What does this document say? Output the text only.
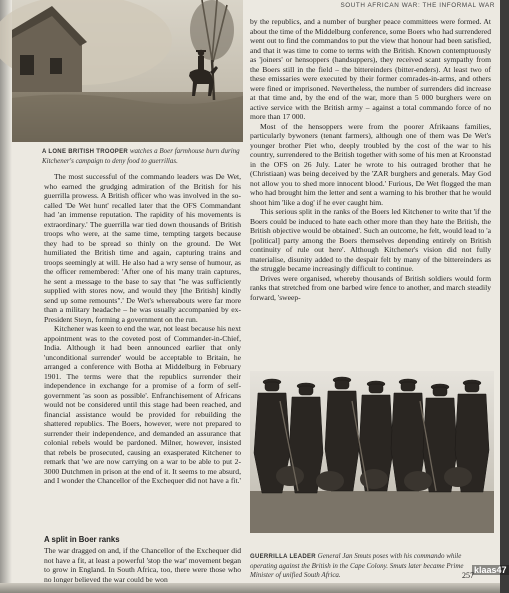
SOUTH AFRICAN WAR: THE INFORMAL WAR
A LONE BRITISH TROOPER watches a Boer farmhouse burn during Kitchener's campaign to deny food to guerrillas.

The most successful of the commando leaders was De Wet, who earned the grudging admiration of the British for his guerrilla prowess. A British officer who was involved in the so-called 'De Wet hunt' recalled later that the OFS Commandant had 'an immense reputation. The rapidity of his movements is extraordinary.' The guerrilla war tied down thousands of British troops who were, at the same time, tempting targets because they had to be spread so thinly on the ground. De Wet humiliated the British time and again, capturing trains and troops seemingly at will. He also had a wry sense of humour, as the officer remembered: 'After one of his many train captures, he sent a message to the base to say that "he was sufficiently supplied with stores now, and would they [the British] kindly send up some remounts".' De Wet's whereabouts were far more than a military headache – he was usually accompanied by ex-President Steyn, forming a government on the run.

Kitchener was keen to end the war, not least because his next appointment was to the coveted post of Commander-in-Chief, India. Although it had been announced earlier that only 'unconditional surrender' would be acceptable to Britain, he arranged a conference with Botha at Middelburg in February 1901. The terms were that the republics surrender their independence in exchange for a promise of a form of self-government 'as soon as possible'. Enfranchisement of Africans would not be considered until this stage had been reached, and financial assistance would be provided for rebuilding the shattered republics. The Boers, however, were not prepared to surrender their independence, and demanded an assurance that colonial rebels would be pardoned. Milner, however, insisted that rebels be prosecuted, causing an exasperated Kitchener to remark that 'we are now carrying on a war to be able to put 2-3000 Dutchmen in prison at the end of it. It seems to me absurd, and I wonder the Chancellor of the Exchequer did not have a fit.'

A split in Boer ranks

The war dragged on and, if the Chancellor of the Exchequer did not have a fit, at least a powerful 'stop the war' movement began to grow in England. In South Africa, too, there were those who no longer believed the war could be won

by the republics, and a number of burgher peace committees were formed. At about the time of the Middelburg conference, some Boers who had surrendered went out to find the commandos to put the view that honour had been satisfied, and that it was time to come to terms with the British. Known contemptuously as 'joiners' or hensoppers (handsuppers), they received scant sympathy from the Boers still in the field – the bittereinders (bitter-enders). At least two of these emissaries were executed by their former comrades-in-arms, and others were fined or imprisoned. Nevertheless, the number of surrenders did increase at that time and, by the end of the war, more than 5 000 burghers were on active service with the British army – against a total commando force of no more than 17 000.

Most of the hensoppers were from the poorer Afrikaans families, particularly bywoners (tenant farmers), although one of them was De Wet's younger brother Piet who, deeply troubled by the cost of the war to his country, surrendered to the British together with some of his men at Kroonstad in the OFS on 26 July. Later he wrote to his outraged brother that he (Christiaan) was being deceived by the 'ZAR burghers and generals. May God not allow you to shed more innocent blood.' Furious, De Wet flogged the man who had brought him the letter and sent a warning to his brother that he would shoot him 'like a dog' if he ever caught him.

This serious split in the ranks of the Boers led Kitchener to write that 'if the Boers could be induced to hate each other more than they hate the British, the British objective would be obtained'. Such an outcome, he felt, would lead to 'a [political] party among the Boers themselves depending entirely on British continuity of rule out here'. Although Kitchener's vision did not fully materialise, disunity added to the despair felt by many of the bittereinders as the struggle became increasingly difficult to continue.

Drives were organised, whereby thousands of British soldiers would form ranks that stretched from one barbed wire fence to another, and march steadily forward, 'sweep-

GUERRILLA LEADER General Jan Smuts poses with his commando while operating against the British in the Cape Colony. Smuts later became Prime Minister of unified South Africa.	257
klaas47
